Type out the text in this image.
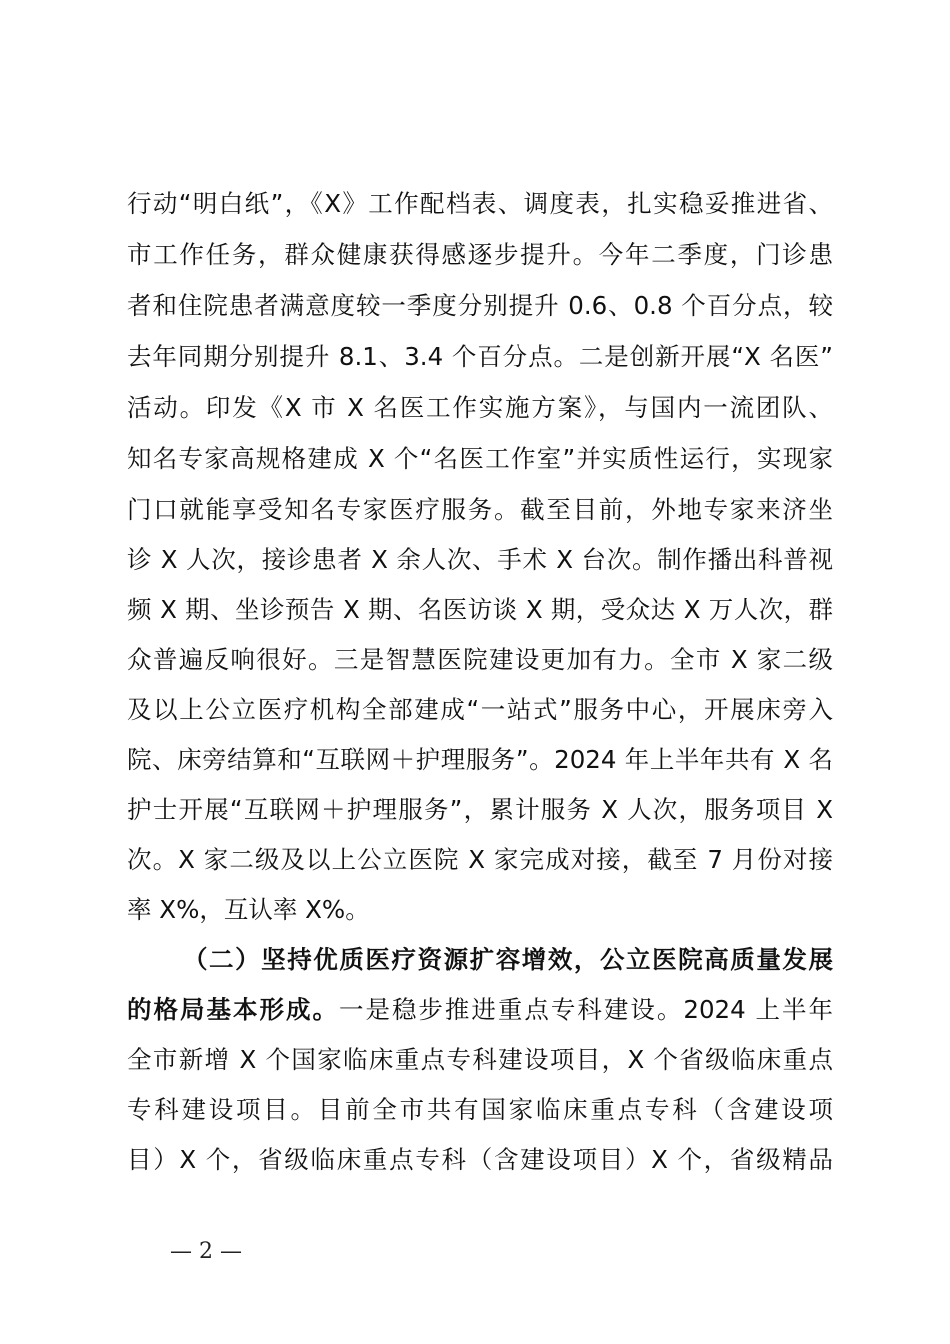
行动“明白纸”，《X》工作配档表、调度表，扎实稳妥推进省、
市工作任务，群众健康获得感逐步提升。今年二季度，门诊患
者和住院患者满意度较一季度分别提升 0.6、0.8 个百分点，较
去年同期分别提升 8.1、3.4 个百分点。二是创新开展“X 名医”
活动。印发《X 市 X 名医工作实施方案》，与国内一流团队、
知名专家高规格建成 X 个“名医工作室”并实质性运行，实现家
门口就能享受知名专家医疗服务。截至目前，外地专家来济坐
诊 X 人次，接诊患者 X 余人次、手术 X 台次。制作播出科普视
频 X 期、坐诊预告 X 期、名医访谈 X 期，受众达 X 万人次，群
众普遍反响很好。三是智慧医院建设更加有力。全市 X 家二级
及以上公立医疗机构全部建成“一站式”服务中心，开展床旁入
院、床旁结算和“互联网＋护理服务”。2024 年上半年共有 X 名
护士开展“互联网＋护理服务”，累计服务 X 人次，服务项目 X
次。X 家二级及以上公立医院 X 家完成对接，截至 7 月份对接
率 X%，互认率 X%。
（二）坚持优质医疗资源扩容增效，公立医院高质量发展
的格局基本形成。一是稳步推进重点专科建设。2024 上半年
全市新增 X 个国家临床重点专科建设项目，X 个省级临床重点
专科建设项目。目前全市共有国家临床重点专科（含建设项
目）X 个，省级临床重点专科（含建设项目）X 个，省级精品
— 2 —
